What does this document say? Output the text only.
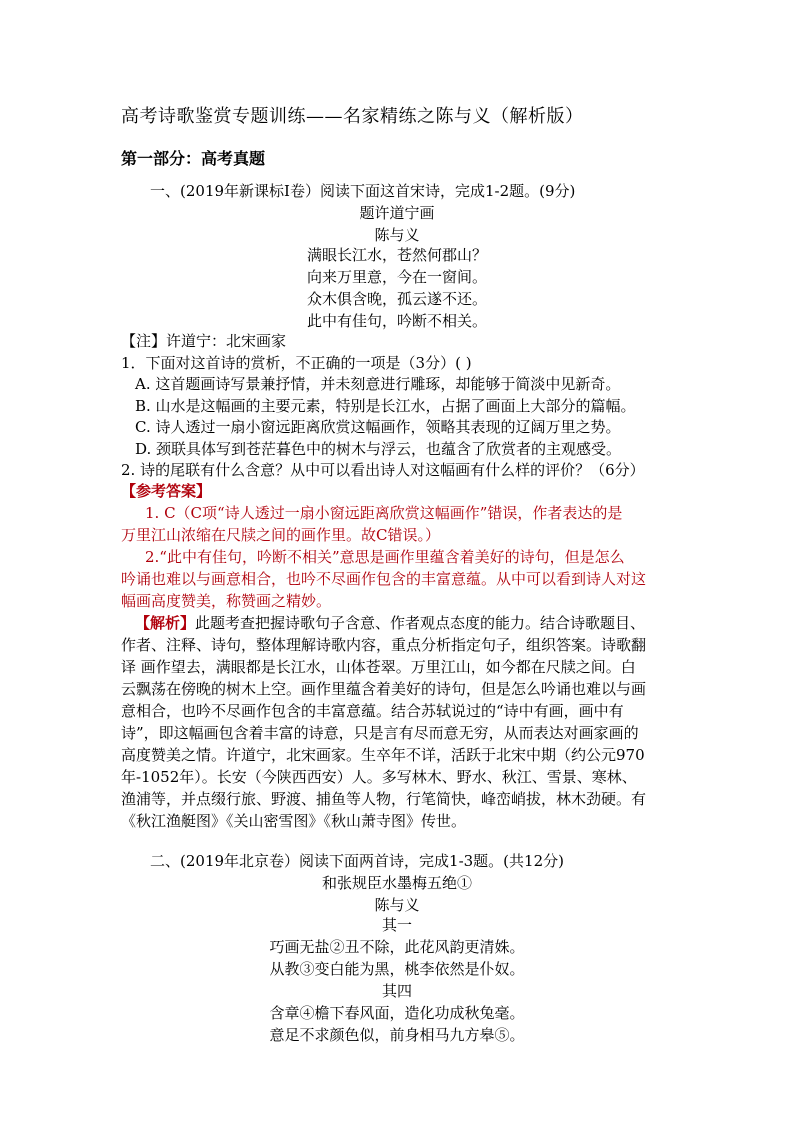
高考诗歌鉴赏专题训练——名家精练之陈与义（解析版）
第一部分：高考真题
一、(2019年新课标Ⅰ卷）阅读下面这首宋诗，完成1-2题。(9分)
题许道宁画
陈与义
满眼长江水，苍然何郡山？
向来万里意，今在一窗间。
众木俱含晚，孤云遂不还。
此中有佳句，吟断不相关。
【注】许道宁：北宋画家
1．下面对这首诗的赏析，不正确的一项是（3分）( )
A. 这首题画诗写景兼抒情，并未刻意进行雕琢，却能够于简淡中见新奇。
B. 山水是这幅画的主要元素，特别是长江水，占据了画面上大部分的篇幅。
C. 诗人透过一扇小窗远距离欣赏这幅画作，领略其表现的辽阔万里之势。
D. 颈联具体写到苍茫暮色中的树木与浮云，也蕴含了欣赏者的主观感受。
2. 诗的尾联有什么含意？从中可以看出诗人对这幅画有什么样的评价？（6分）
【参考答案】
1. C（C项“诗人透过一扇小窗远距离欣赏这幅画作”错误，作者表达的是
万里江山浓缩在尺牍之间的画作里。故C错误。）
2.“此中有佳句，吟断不相关”意思是画作里蕴含着美好的诗句，但是怎么
吟诵也难以与画意相合，也吟不尽画作包含的丰富意蕴。从中可以看到诗人对这
幅画高度赞美，称赞画之精妙。
【解析】此题考查把握诗歌句子含意、作者观点态度的能力。结合诗歌题目、
作者、注释、诗句，整体理解诗歌内容，重点分析指定句子，组织答案。诗歌翻
译 画作望去，满眼都是长江水，山体苍翠。万里江山，如今都在尺牍之间。白
云飘荡在傍晚的树木上空。画作里蕴含着美好的诗句，但是怎么吟诵也难以与画
意相合，也吟不尽画作包含的丰富意蕴。结合苏轼说过的“诗中有画，画中有
诗”，即这幅画包含着丰富的诗意，只是言有尽而意无穷，从而表达对画家画的
高度赞美之情。许道宁，北宋画家。生卒年不详，活跃于北宋中期（约公元970
年-1052年）。长安（今陕西西安）人。多写林木、野水、秋江、雪景、寒林、
渔浦等，并点缀行旅、野渡、捕鱼等人物，行笔简快，峰峦峭拔，林木劲硬。有
《秋江渔艇图》《关山密雪图》《秋山萧寺图》传世。
二、(2019年北京卷）阅读下面两首诗，完成1-3题。(共12分)
和张规臣水墨梅五绝①
陈与义
其一
巧画无盐②丑不除，此花风韵更清姝。
从教③变白能为黑，桃李依然是仆奴。
其四
含章④檐下春风面，造化功成秋兔毫。
意足不求颜色似，前身相马九方皋⑤。
